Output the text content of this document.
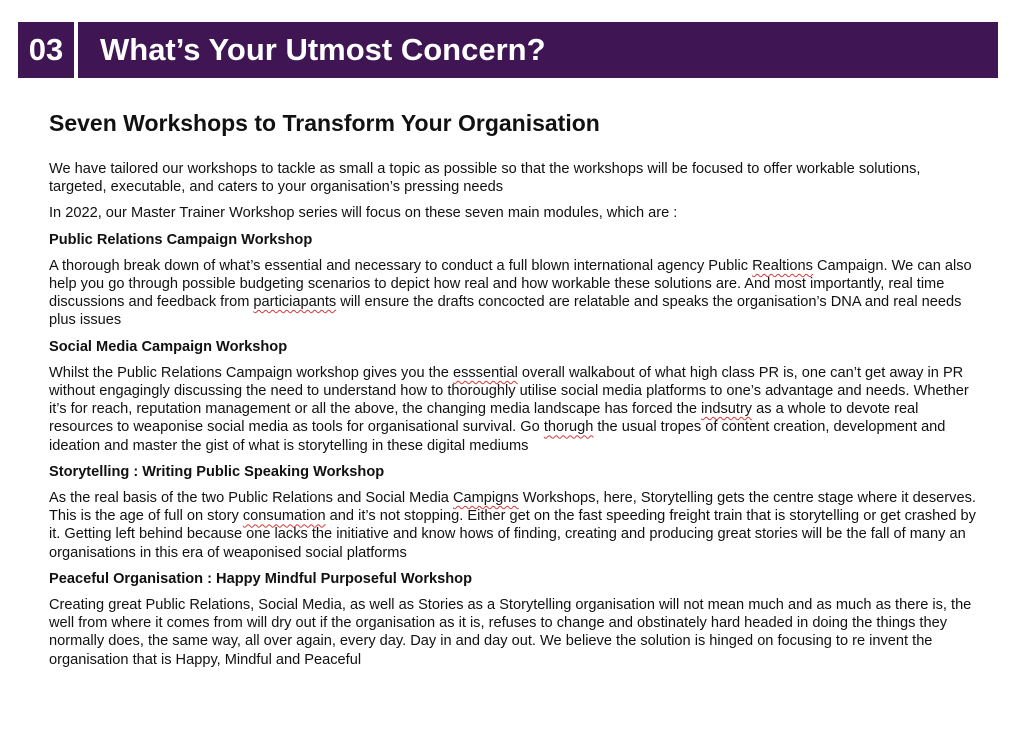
03	What’s Your Utmost Concern?
Seven Workshops to Transform Your Organisation

We have tailored our workshops to tackle as small a topic as possible so that the workshops will be focused to offer workable solutions, targeted, executable, and caters to your organisation’s pressing needs

In 2022, our Master Trainer Workshop series will focus on these seven main modules, which are :

Public Relations Campaign Workshop

A thorough break down of what’s essential and necessary to conduct a full blown international agency Public Realtions Campaign. We can also help you go through possible budgeting scenarios to depict how real and how workable these solutions are. And most importantly, real time discussions and feedback from particiapants will ensure the drafts concocted are relatable and speaks the organisation’s DNA and real needs plus issues

Social Media Campaign Workshop

Whilst the Public Relations Campaign workshop gives you the esssential overall walkabout of what high class PR is, one can’t get away in PR without engagingly discussing the need to understand how to thoroughly utilise social media platforms to one’s advantage and needs. Whether it’s for reach, reputation management or all the above, the changing media landscape has forced the indsutry as a whole to devote real resources to weaponise social media as tools for organisational survival. Go thorugh the usual tropes of content creation, development and ideation and master the gist of what is storytelling in these digital mediums

Storytelling : Writing Public Speaking Workshop

As the real basis of the two Public Relations and Social Media Campigns Workshops, here, Storytelling gets the centre stage where it deserves. This is the age of full on story consumation and it’s not stopping. Either get on the fast speeding freight train that is storytelling or get crashed by it. Getting left behind because one lacks the initiative and know hows of finding, creating and producing great stories will be the fall of many an organisations in this era of weaponised social platforms

Peaceful Organisation : Happy Mindful Purposeful Workshop

Creating great Public Relations, Social Media, as well as Stories as a Storytelling organisation will not mean much and as much as there is, the well from where it comes from will dry out if the organisation as it is, refuses to change and obstinately hard headed in doing the things they normally does, the same way, all over again, every day. Day in and day out. We believe the solution is hinged on focusing to re invent the organisation that is Happy, Mindful and Peaceful
